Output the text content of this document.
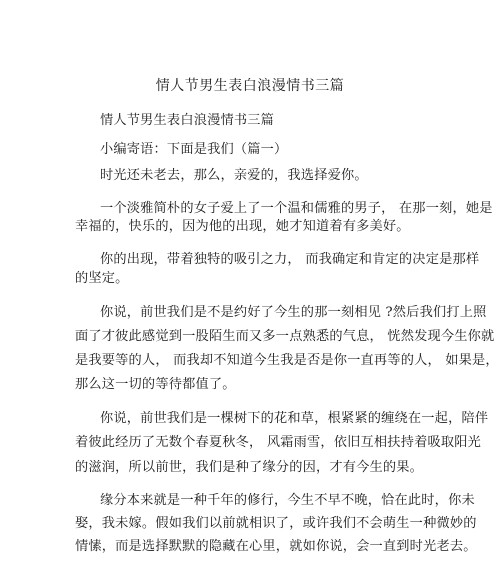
情人节男生表白浪漫情书三篇
情人节男生表白浪漫情书三篇
小编寄语：下面是我们（篇一）
时光还未老去，那么，亲爱的，我选择爱你。
一个淡雅简朴的女子爱上了一个温和儒雅的男子， 在那一刻，她是
幸福的，快乐的，因为他的出现，她才知道着有多美好。
你的出现，带着独特的吸引之力， 而我确定和肯定的决定是那样
的坚定。
你说，前世我们是不是约好了今生的那一刻相见 ?然后我们打上照
面了才彼此感觉到一股陌生而又多一点熟悉的气息， 恍然发现今生你就
是我要等的人， 而我却不知道今生我是否是你一直再等的人， 如果是，
那么这一切的等待都值了。
你说，前世我们是一棵树下的花和草，根紧紧的缠绕在一起，陪伴
着彼此经历了无数个春夏秋冬， 风霜雨雪，依旧互相扶持着吸取阳光
的滋润，所以前世，我们是种了缘分的因，才有今生的果。
缘分本来就是一种千年的修行，今生不早不晚，恰在此时，你未
娶，我未嫁。假如我们以前就相识了，或许我们不会萌生一种微妙的
情愫，而是选择默默的隐藏在心里，就如你说，会一直到时光老去。
